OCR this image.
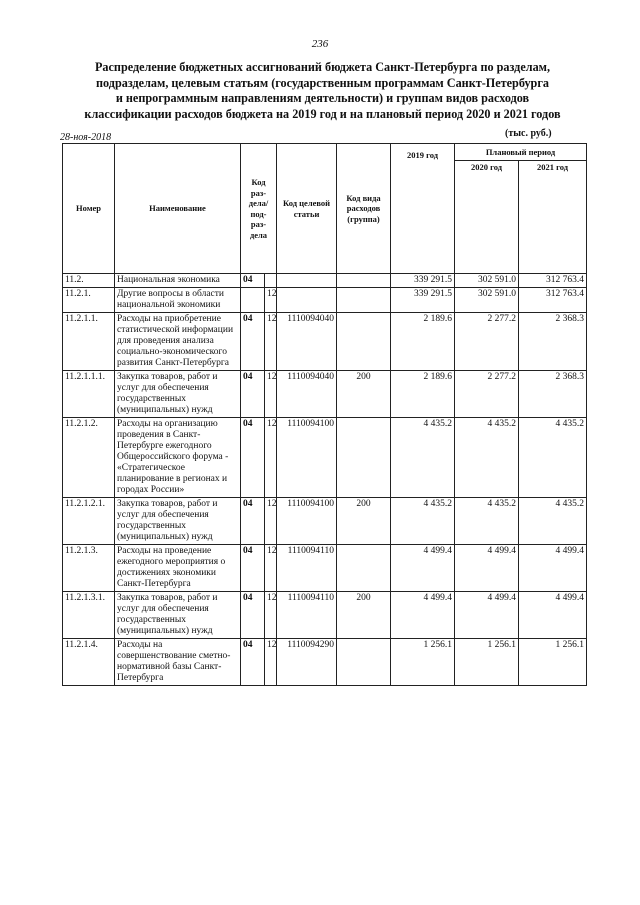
236
Распределение бюджетных ассигнований бюджета Санкт-Петербурга по разделам,
подразделам, целевым статьям (государственным программам Санкт-Петербурга
и непрограммным направлениям деятельности) и группам видов расходов
классификации расходов бюджета на 2019 год и на плановый период 2020 и 2021 годов
28-ноя-2018	(тыс. руб.)
Номер	Наименование	Код раз- дела/ под- раз- дела		Код целевой статьи	Код вида расходов (группа)	2019 год	Плановый период	
							2020 год	2021 год
11.2.	Национальная экономика	04				339 291.5	302 591.0	312 763.4
11.2.1.	Другие вопросы в области национальной экономики		12			339 291.5	302 591.0	312 763.4
11.2.1.1.	Расходы на приобретение статистической информации для проведения анализа социально-экономического развития Санкт-Петербурга	04	12	1110094040		2 189.6	2 277.2	2 368.3
11.2.1.1.1.	Закупка товаров, работ и услуг для обеспечения государственных (муниципальных) нужд	04	12	1110094040	200	2 189.6	2 277.2	2 368.3
11.2.1.2.	Расходы на организацию проведения в Санкт-Петербурге ежегодного Общероссийского форума - «Стратегическое планирование в регионах и городах России»	04	12	1110094100		4 435.2	4 435.2	4 435.2
11.2.1.2.1.	Закупка товаров, работ и услуг для обеспечения государственных (муниципальных) нужд	04	12	1110094100	200	4 435.2	4 435.2	4 435.2
11.2.1.3.	Расходы на проведение ежегодного мероприятия о достижениях экономики Санкт-Петербурга	04	12	1110094110		4 499.4	4 499.4	4 499.4
11.2.1.3.1.	Закупка товаров, работ и услуг для обеспечения государственных (муниципальных) нужд	04	12	1110094110	200	4 499.4	4 499.4	4 499.4
11.2.1.4.	Расходы на совершенствование сметно-нормативной базы Санкт-Петербурга	04	12	1110094290		1 256.1	1 256.1	1 256.1
